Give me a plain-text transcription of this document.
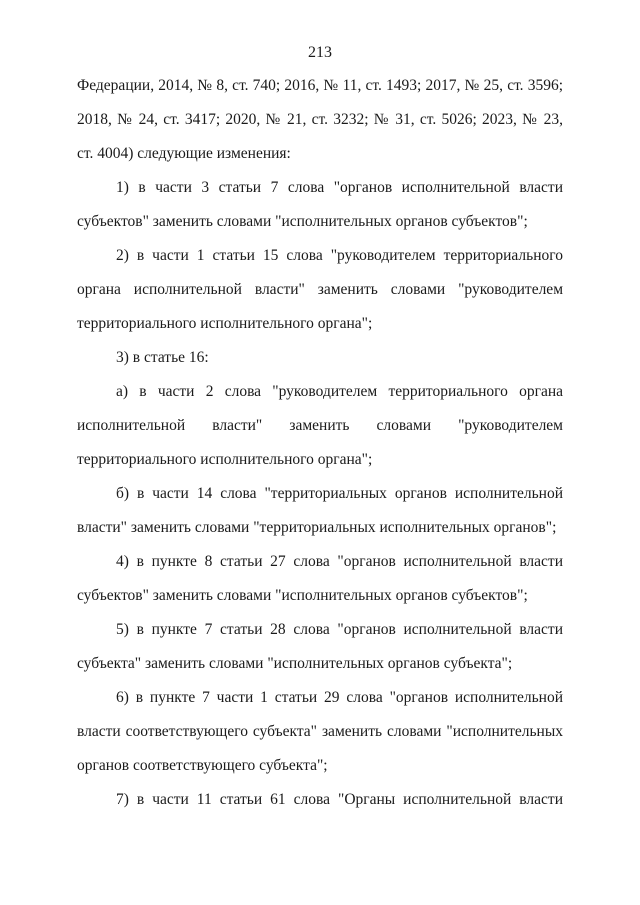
213
Федерации, 2014, № 8, ст. 740; 2016, № 11, ст. 1493; 2017, № 25, ст. 3596;
2018, № 24, ст. 3417; 2020, № 21, ст. 3232; № 31, ст. 5026; 2023, № 23,
ст. 4004) следующие изменения:
1) в части 3 статьи 7 слова "органов исполнительной власти
субъектов" заменить словами "исполнительных органов субъектов";
2) в части 1 статьи 15 слова "руководителем территориального
органа исполнительной власти" заменить словами "руководителем
территориального исполнительного органа";
3) в статье 16:
а) в части 2 слова "руководителем территориального органа
исполнительной власти" заменить словами "руководителем
территориального исполнительного органа";
б) в части 14 слова "территориальных органов исполнительной
власти" заменить словами "территориальных исполнительных органов";
4) в пункте 8 статьи 27 слова "органов исполнительной власти
субъектов" заменить словами "исполнительных органов субъектов";
5) в пункте 7 статьи 28 слова "органов исполнительной власти
субъекта" заменить словами "исполнительных органов субъекта";
6) в пункте 7 части 1 статьи 29 слова "органов исполнительной
власти соответствующего субъекта" заменить словами "исполнительных
органов соответствующего субъекта";
7) в части 11 статьи 61 слова "Органы исполнительной власти
